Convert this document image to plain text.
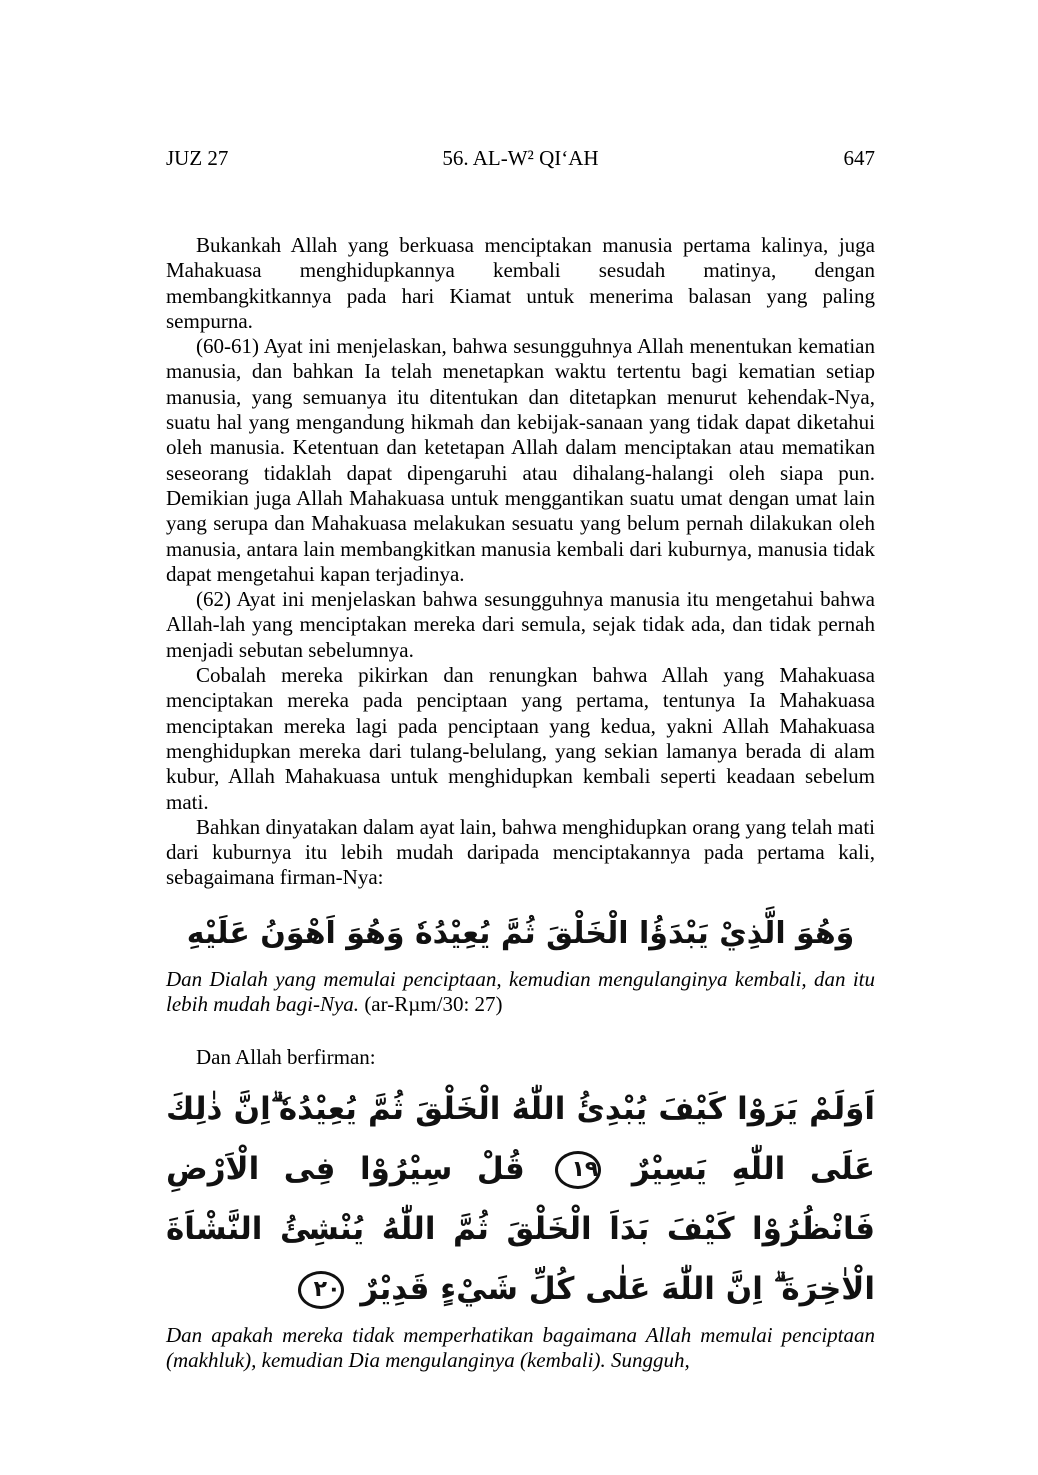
JUZ 27	56. AL-W² QI‘AH	647

Bukankah Allah yang berkuasa menciptakan manusia pertama kalinya, juga Mahakuasa menghidupkannya kembali sesudah matinya, dengan membangkitkannya pada hari Kiamat untuk menerima balasan yang paling sempurna.

(60-61) Ayat ini menjelaskan, bahwa sesungguhnya Allah menentukan kematian manusia, dan bahkan Ia telah menetapkan waktu tertentu bagi kematian setiap manusia, yang semuanya itu ditentukan dan ditetapkan menurut kehendak-Nya, suatu hal yang mengandung hikmah dan kebijak-sanaan yang tidak dapat diketahui oleh manusia. Ketentuan dan ketetapan Allah dalam menciptakan atau mematikan seseorang tidaklah dapat dipengaruhi atau dihalang-halangi oleh siapa pun. Demikian juga Allah Mahakuasa untuk menggantikan suatu umat dengan umat lain yang serupa dan Mahakuasa melakukan sesuatu yang belum pernah dilakukan oleh manusia, antara lain membangkitkan manusia kembali dari kuburnya, manusia tidak dapat mengetahui kapan terjadinya.

(62) Ayat ini menjelaskan bahwa sesungguhnya manusia itu mengetahui bahwa Allah-lah yang menciptakan mereka dari semula, sejak tidak ada, dan tidak pernah menjadi sebutan sebelumnya.

Cobalah mereka pikirkan dan renungkan bahwa Allah yang Mahakuasa menciptakan mereka pada penciptaan yang pertama, tentunya Ia Mahakuasa menciptakan mereka lagi pada penciptaan yang kedua, yakni Allah Mahakuasa menghidupkan mereka dari tulang-belulang, yang sekian lamanya berada di alam kubur, Allah Mahakuasa untuk menghidupkan kembali seperti keadaan sebelum mati.

Bahkan dinyatakan dalam ayat lain, bahwa menghidupkan orang yang telah mati dari kuburnya itu lebih mudah daripada menciptakannya pada pertama kali, sebagaimana firman-Nya:

وَهُوَ الَّذِيْ يَبْدَؤُا الْخَلْقَ ثُمَّ يُعِيْدُهٗ وَهُوَ اَهْوَنُ عَلَيْهِ

Dan Dialah yang memulai penciptaan, kemudian mengulanginya kembali, dan itu lebih mudah bagi-Nya. (ar-Rµm/30: 27)

Dan Allah berfirman:

اَوَلَمْ يَرَوْا كَيْفَ يُبْدِئُ اللّٰهُ الْخَلْقَ ثُمَّ يُعِيْدُهٗ ۗاِنَّ ذٰلِكَ عَلَى اللّٰهِ يَسِيْرٌ ١٩ قُلْ سِيْرُوْا فِى الْاَرْضِ فَانْظُرُوْا كَيْفَ بَدَاَ الْخَلْقَ ثُمَّ اللّٰهُ يُنْشِئُ النَّشْاَةَ الْاٰخِرَةَ ۗ اِنَّ اللّٰهَ عَلٰى كُلِّ شَيْءٍ قَدِيْرٌ ٢٠

Dan apakah mereka tidak memperhatikan bagaimana Allah memulai penciptaan (makhluk), kemudian Dia mengulanginya (kembali). Sungguh,
